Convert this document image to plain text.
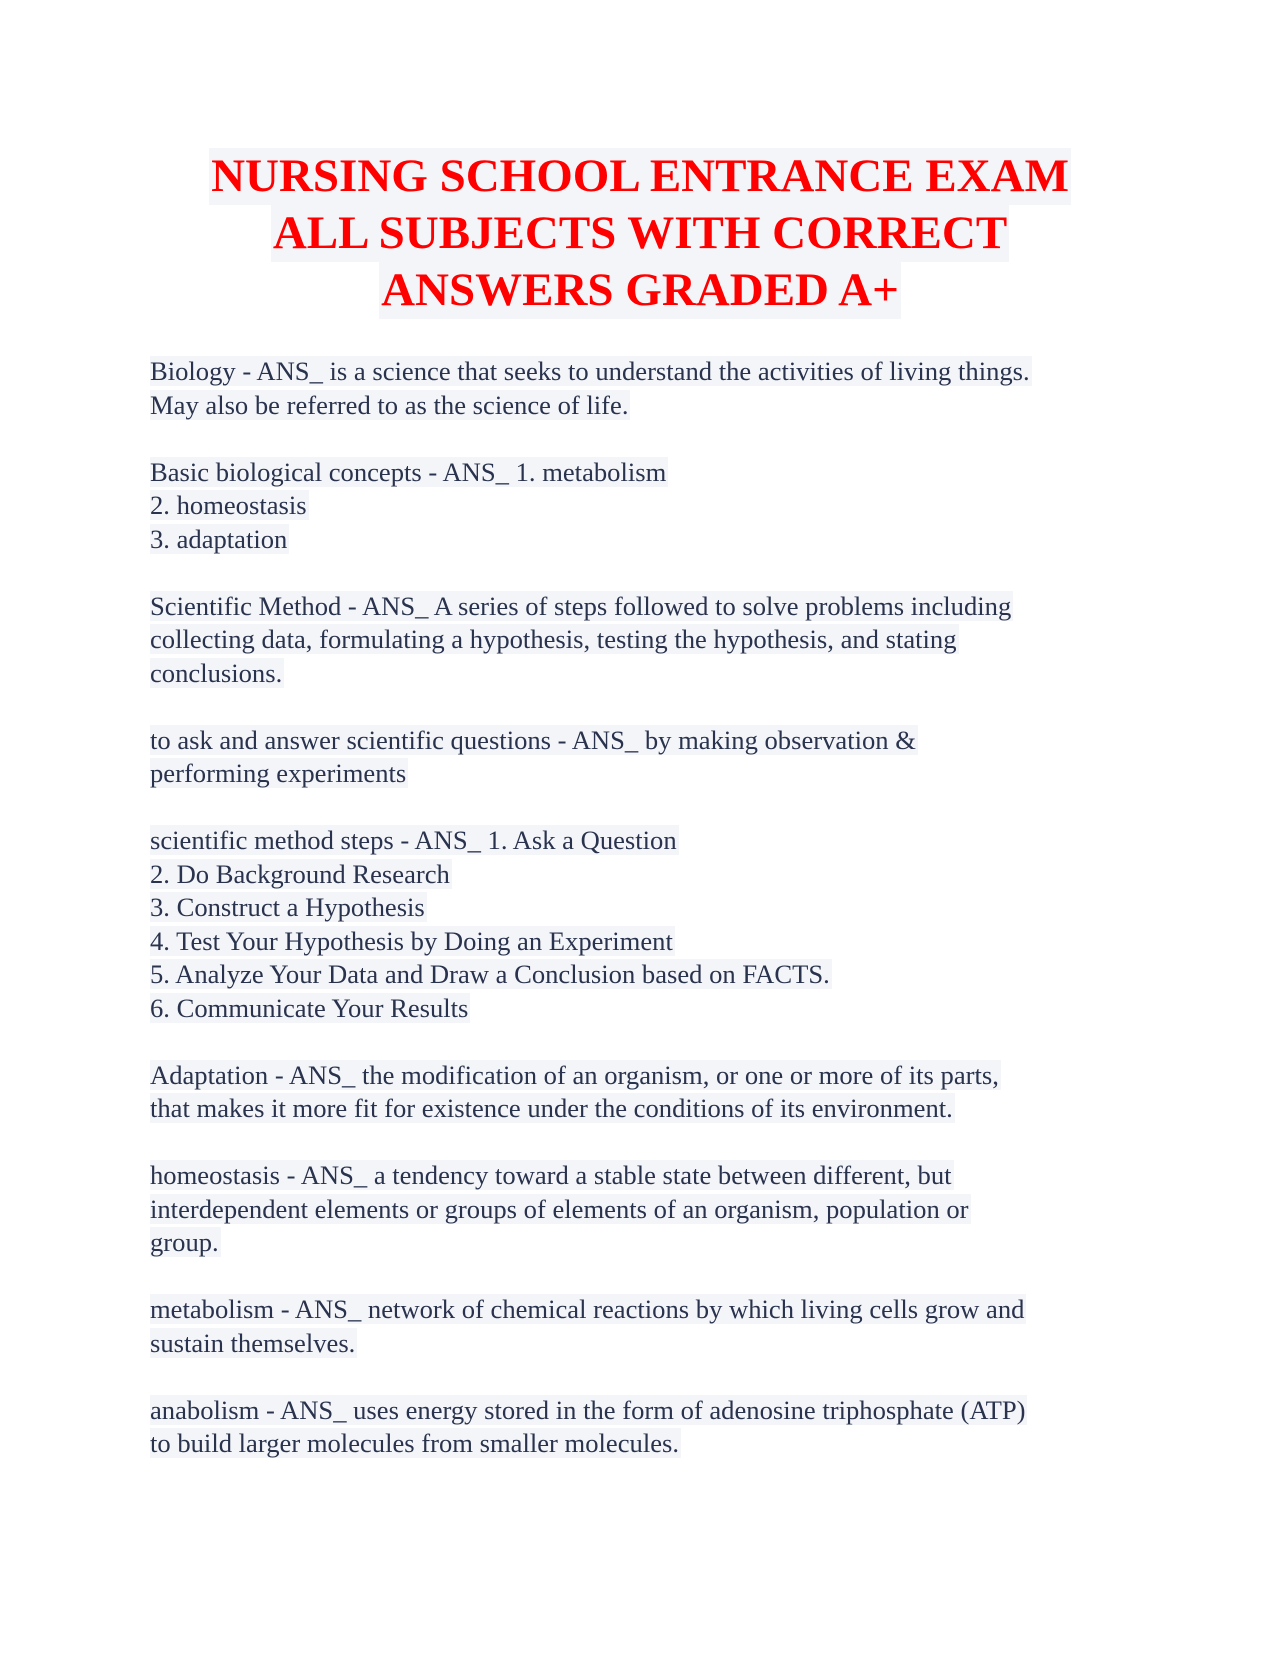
NURSING SCHOOL ENTRANCE EXAM
ALL SUBJECTS WITH CORRECT
ANSWERS GRADED A+
Biology - ANS_ is a science that seeks to understand the activities of living things.
May also be referred to as the science of life.
Basic biological concepts - ANS_ 1. metabolism
2. homeostasis
3. adaptation
Scientific Method - ANS_ A series of steps followed to solve problems including
collecting data, formulating a hypothesis, testing the hypothesis, and stating
conclusions.
to ask and answer scientific questions - ANS_ by making observation &
performing experiments
scientific method steps - ANS_ 1. Ask a Question
2. Do Background Research
3. Construct a Hypothesis
4. Test Your Hypothesis by Doing an Experiment
5. Analyze Your Data and Draw a Conclusion based on FACTS.
6. Communicate Your Results
Adaptation - ANS_ the modification of an organism, or one or more of its parts,
that makes it more fit for existence under the conditions of its environment.
homeostasis - ANS_ a tendency toward a stable state between different, but
interdependent elements or groups of elements of an organism, population or
group.
metabolism - ANS_ network of chemical reactions by which living cells grow and
sustain themselves.
anabolism - ANS_ uses energy stored in the form of adenosine triphosphate (ATP)
to build larger molecules from smaller molecules.
